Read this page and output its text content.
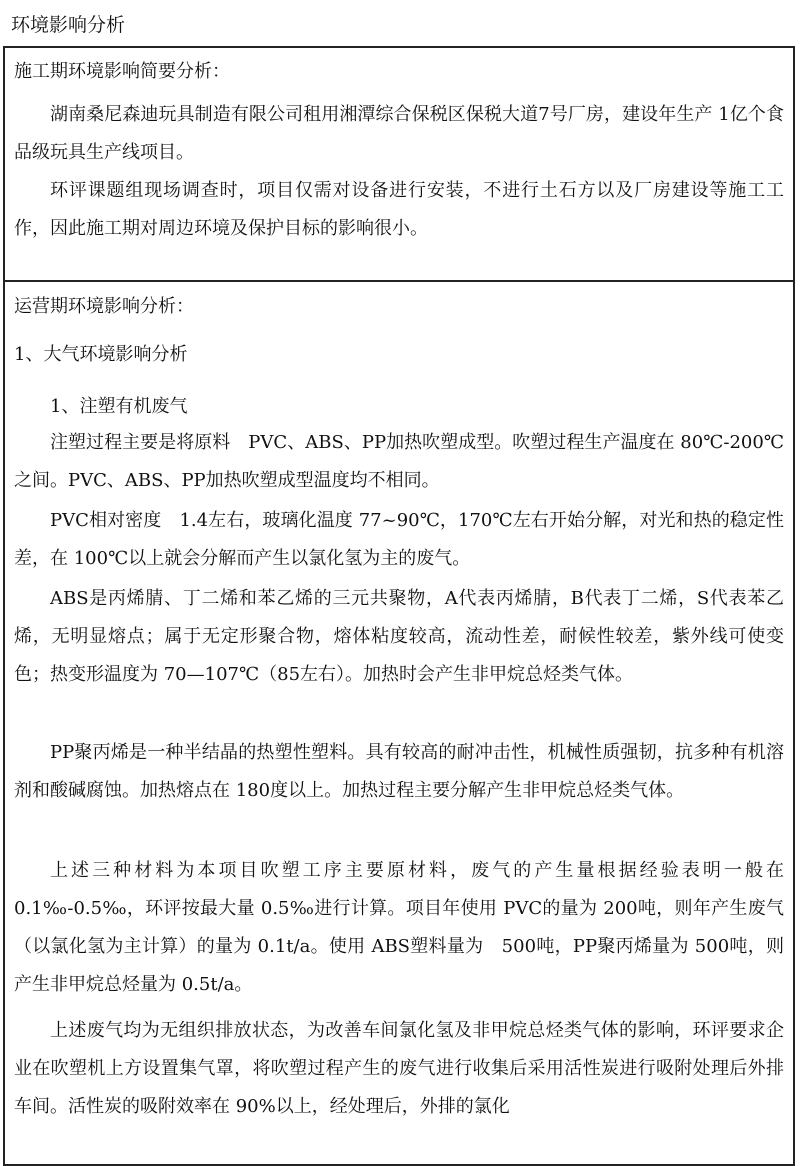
环境影响分析
施工期环境影响简要分析：

湖南桑尼森迪玩具制造有限公司租用湘潭综合保税区保税大道7号厂房，建设年生产 1亿个食品级玩具生产线项目。

环评课题组现场调查时，项目仅需对设备进行安装，不进行土石方以及厂房建设等施工工作，因此施工期对周边环境及保护目标的影响很小。

运营期环境影响分析：
1、大气环境影响分析
1、注塑有机废气

注塑过程主要是将原料　PVC、ABS、PP加热吹塑成型。吹塑过程生产温度在 80℃-200℃之间。PVC、ABS、PP加热吹塑成型温度均不相同。

PVC相对密度　1.4左右，玻璃化温度 77~90℃，170℃左右开始分解，对光和热的稳定性差，在 100℃以上就会分解而产生以氯化氢为主的废气。

ABS是丙烯腈、丁二烯和苯乙烯的三元共聚物，A代表丙烯腈，B代表丁二烯，S代表苯乙烯，无明显熔点；属于无定形聚合物，熔体粘度较高，流动性差，耐候性较差，紫外线可使变色；热变形温度为 70—107℃（85左右）。加热时会产生非甲烷总烃类气体。

PP聚丙烯是一种半结晶的热塑性塑料。具有较高的耐冲击性，机械性质强韧，抗多种有机溶剂和酸碱腐蚀。加热熔点在 180度以上。加热过程主要分解产生非甲烷总烃类气体。

上述三种材料为本项目吹塑工序主要原材料，废气的产生量根据经验表明一般在 0.1‰-0.5‰，环评按最大量 0.5‰进行计算。项目年使用 PVC的量为 200吨，则年产生废气（以氯化氢为主计算）的量为 0.1t/a。使用 ABS塑料量为　500吨，PP聚丙烯量为 500吨，则产生非甲烷总烃量为 0.5t/a。

上述废气均为无组织排放状态，为改善车间氯化氢及非甲烷总烃类气体的影响，环评要求企业在吹塑机上方设置集气罩，将吹塑过程产生的废气进行收集后采用活性炭进行吸附处理后外排车间。活性炭的吸附效率在 90%以上，经处理后，外排的氯化
